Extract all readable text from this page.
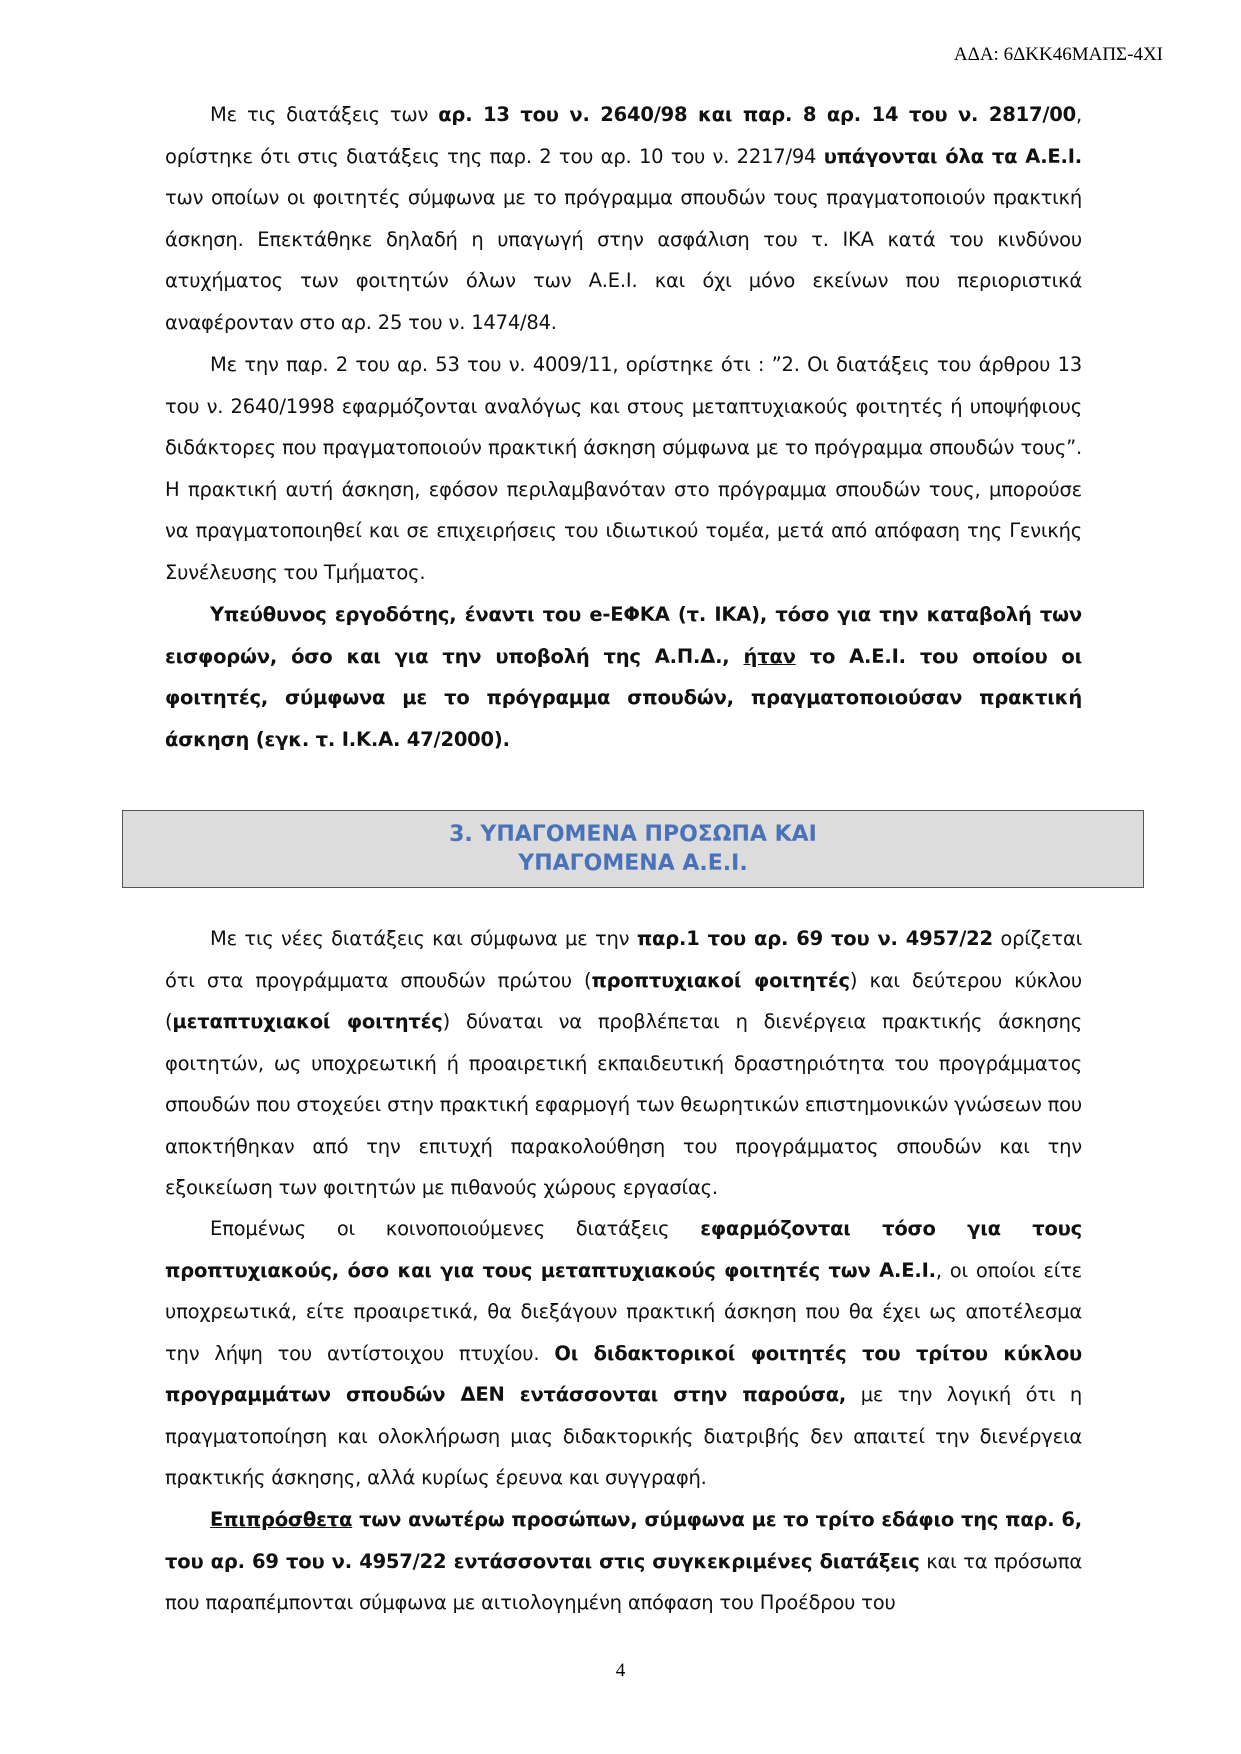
ΑΔΑ: 6ΔΚΚ46ΜΑΠΣ-4ΧΙ

Με τις διατάξεις των αρ. 13 του ν. 2640/98 και παρ. 8 αρ. 14 του ν. 2817/00, ορίστηκε ότι στις διατάξεις της παρ. 2 του αρ. 10 του ν. 2217/94 υπάγονται όλα τα Α.Ε.Ι. των οποίων οι φοιτητές σύμφωνα με το πρόγραμμα σπουδών τους πραγματοποιούν πρακτική άσκηση. Επεκτάθηκε δηλαδή η υπαγωγή στην ασφάλιση του τ. ΙΚΑ κατά του κινδύνου ατυχήματος των φοιτητών όλων των Α.Ε.Ι. και όχι μόνο εκείνων που περιοριστικά αναφέρονταν στο αρ. 25 του ν. 1474/84.

Με την παρ. 2 του αρ. 53 του ν. 4009/11, ορίστηκε ότι : ”2. Οι διατάξεις του άρθρου 13 του ν. 2640/1998 εφαρμόζονται αναλόγως και στους μεταπτυχιακούς φοιτητές ή υποψήφιους διδάκτορες που πραγματοποιούν πρακτική άσκηση σύμφωνα με το πρόγραμμα σπουδών τους”. Η πρακτική αυτή άσκηση, εφόσον περιλαμβανόταν στο πρόγραμμα σπουδών τους, μπορούσε να πραγματοποιηθεί και σε επιχειρήσεις του ιδιωτικού τομέα, μετά από απόφαση της Γενικής Συνέλευσης του Τμήματος.

Υπεύθυνος εργοδότης, έναντι του e-ΕΦΚΑ (τ. ΙΚΑ), τόσο για την καταβολή των εισφορών, όσο και για την υποβολή της Α.Π.Δ., ήταν το Α.Ε.Ι. του οποίου οι φοιτητές, σύμφωνα με το πρόγραμμα σπουδών, πραγματοποιούσαν πρακτική άσκηση (εγκ. τ. Ι.Κ.Α. 47/2000).

3. ΥΠΑΓΟΜΕΝΑ ΠΡΟΣΩΠΑ ΚΑΙ
ΥΠΑΓΟΜΕΝΑ Α.Ε.Ι.

Με τις νέες διατάξεις και σύμφωνα με την παρ.1 του αρ. 69 του ν. 4957/22 ορίζεται ότι στα προγράμματα σπουδών πρώτου (προπτυχιακοί φοιτητές) και δεύτερου κύκλου (μεταπτυχιακοί φοιτητές) δύναται να προβλέπεται η διενέργεια πρακτικής άσκησης φοιτητών, ως υποχρεωτική ή προαιρετική εκπαιδευτική δραστηριότητα του προγράμματος σπουδών που στοχεύει στην πρακτική εφαρμογή των θεωρητικών επιστημονικών γνώσεων που αποκτήθηκαν από την επιτυχή παρακολούθηση του προγράμματος σπουδών και την εξοικείωση των φοιτητών με πιθανούς χώρους εργασίας.

Επομένως οι κοινοποιούμενες διατάξεις εφαρμόζονται τόσο για τους προπτυχιακούς, όσο και για τους μεταπτυχιακούς φοιτητές των Α.Ε.Ι., οι οποίοι είτε υποχρεωτικά, είτε προαιρετικά, θα διεξάγουν πρακτική άσκηση που θα έχει ως αποτέλεσμα την λήψη του αντίστοιχου πτυχίου. Οι διδακτορικοί φοιτητές του τρίτου κύκλου προγραμμάτων σπουδών ΔΕΝ εντάσσονται στην παρούσα, με την λογική ότι η πραγματοποίηση και ολοκλήρωση μιας διδακτορικής διατριβής δεν απαιτεί την διενέργεια πρακτικής άσκησης, αλλά κυρίως έρευνα και συγγραφή.

Επιπρόσθετα των ανωτέρω προσώπων, σύμφωνα με το τρίτο εδάφιο της παρ. 6, του αρ. 69 του ν. 4957/22 εντάσσονται στις συγκεκριμένες διατάξεις και τα πρόσωπα που παραπέμπονται σύμφωνα με αιτιολογημένη απόφαση του Προέδρου του

4
